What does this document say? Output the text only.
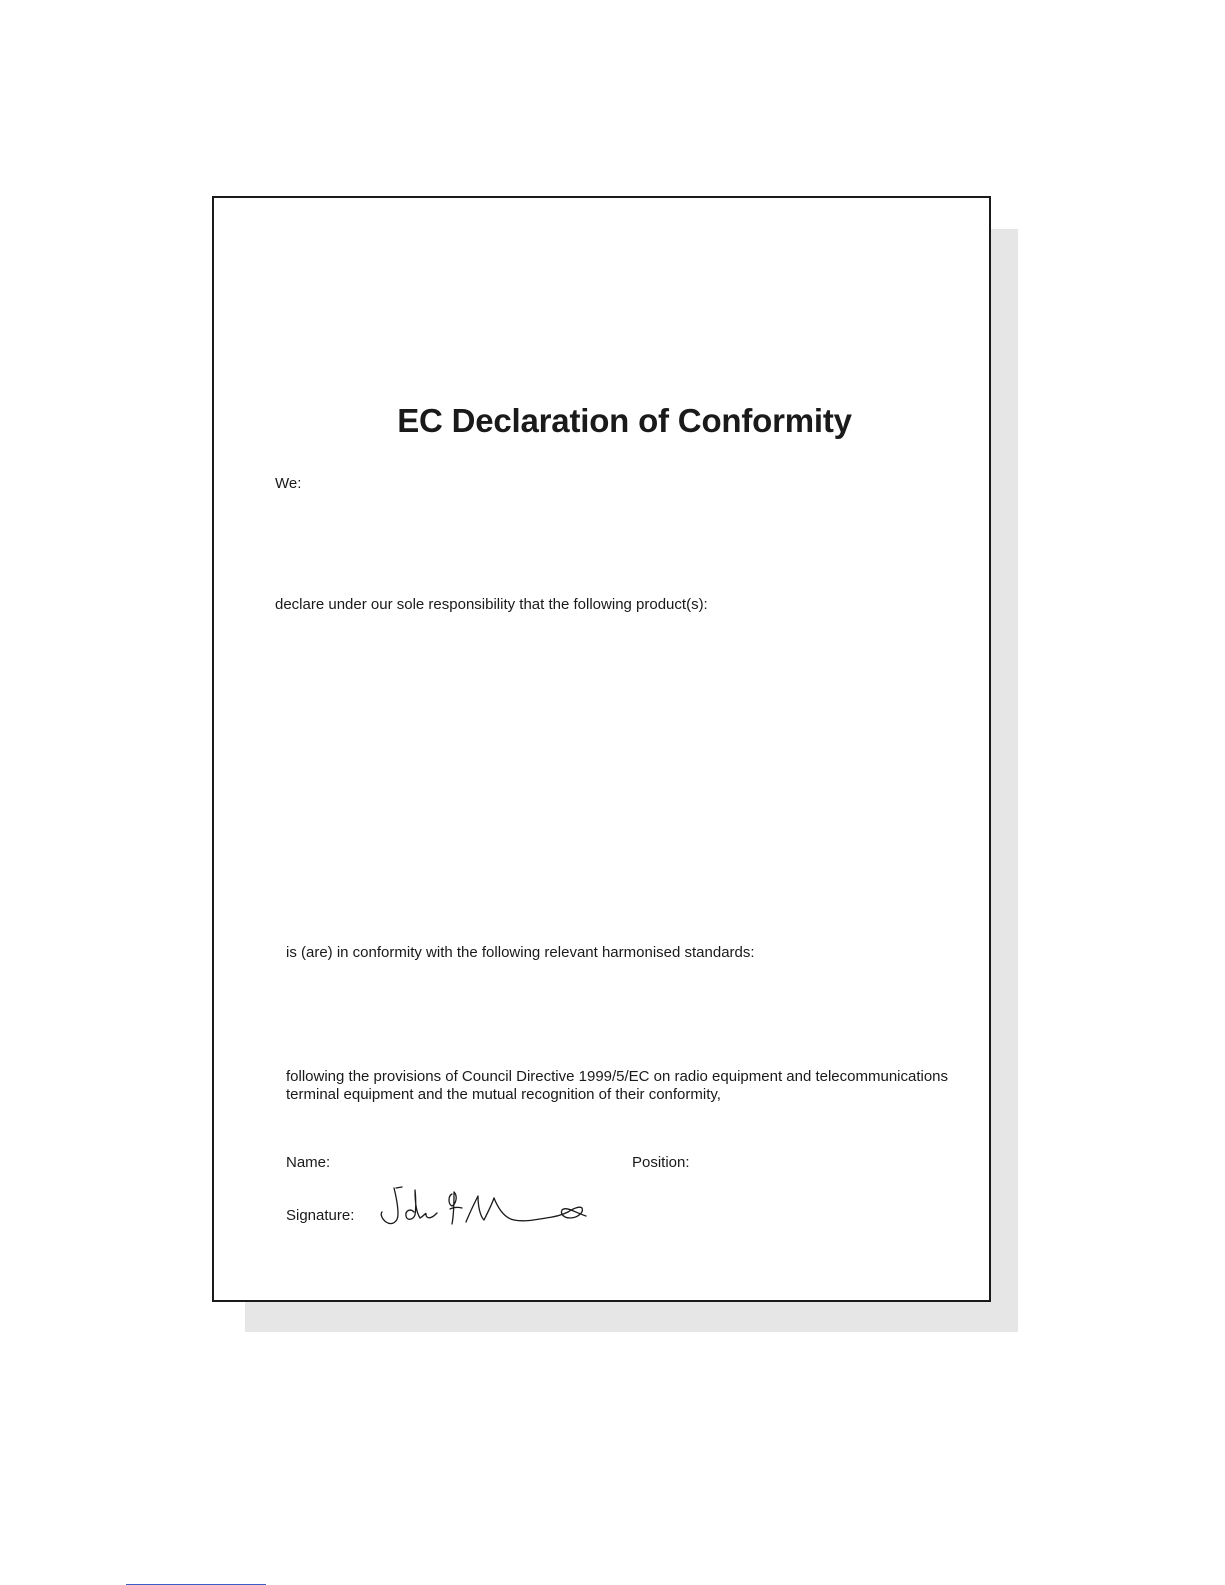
EC Declaration of Conformity

We:

declare under our sole responsibility that the following product(s):

is (are) in conformity with the following relevant harmonised standards:

following the provisions of Council Directive 1999/5/EC on radio equipment and telecommunications
terminal equipment and the mutual recognition of their conformity,

Name:	Position:

Signature:
